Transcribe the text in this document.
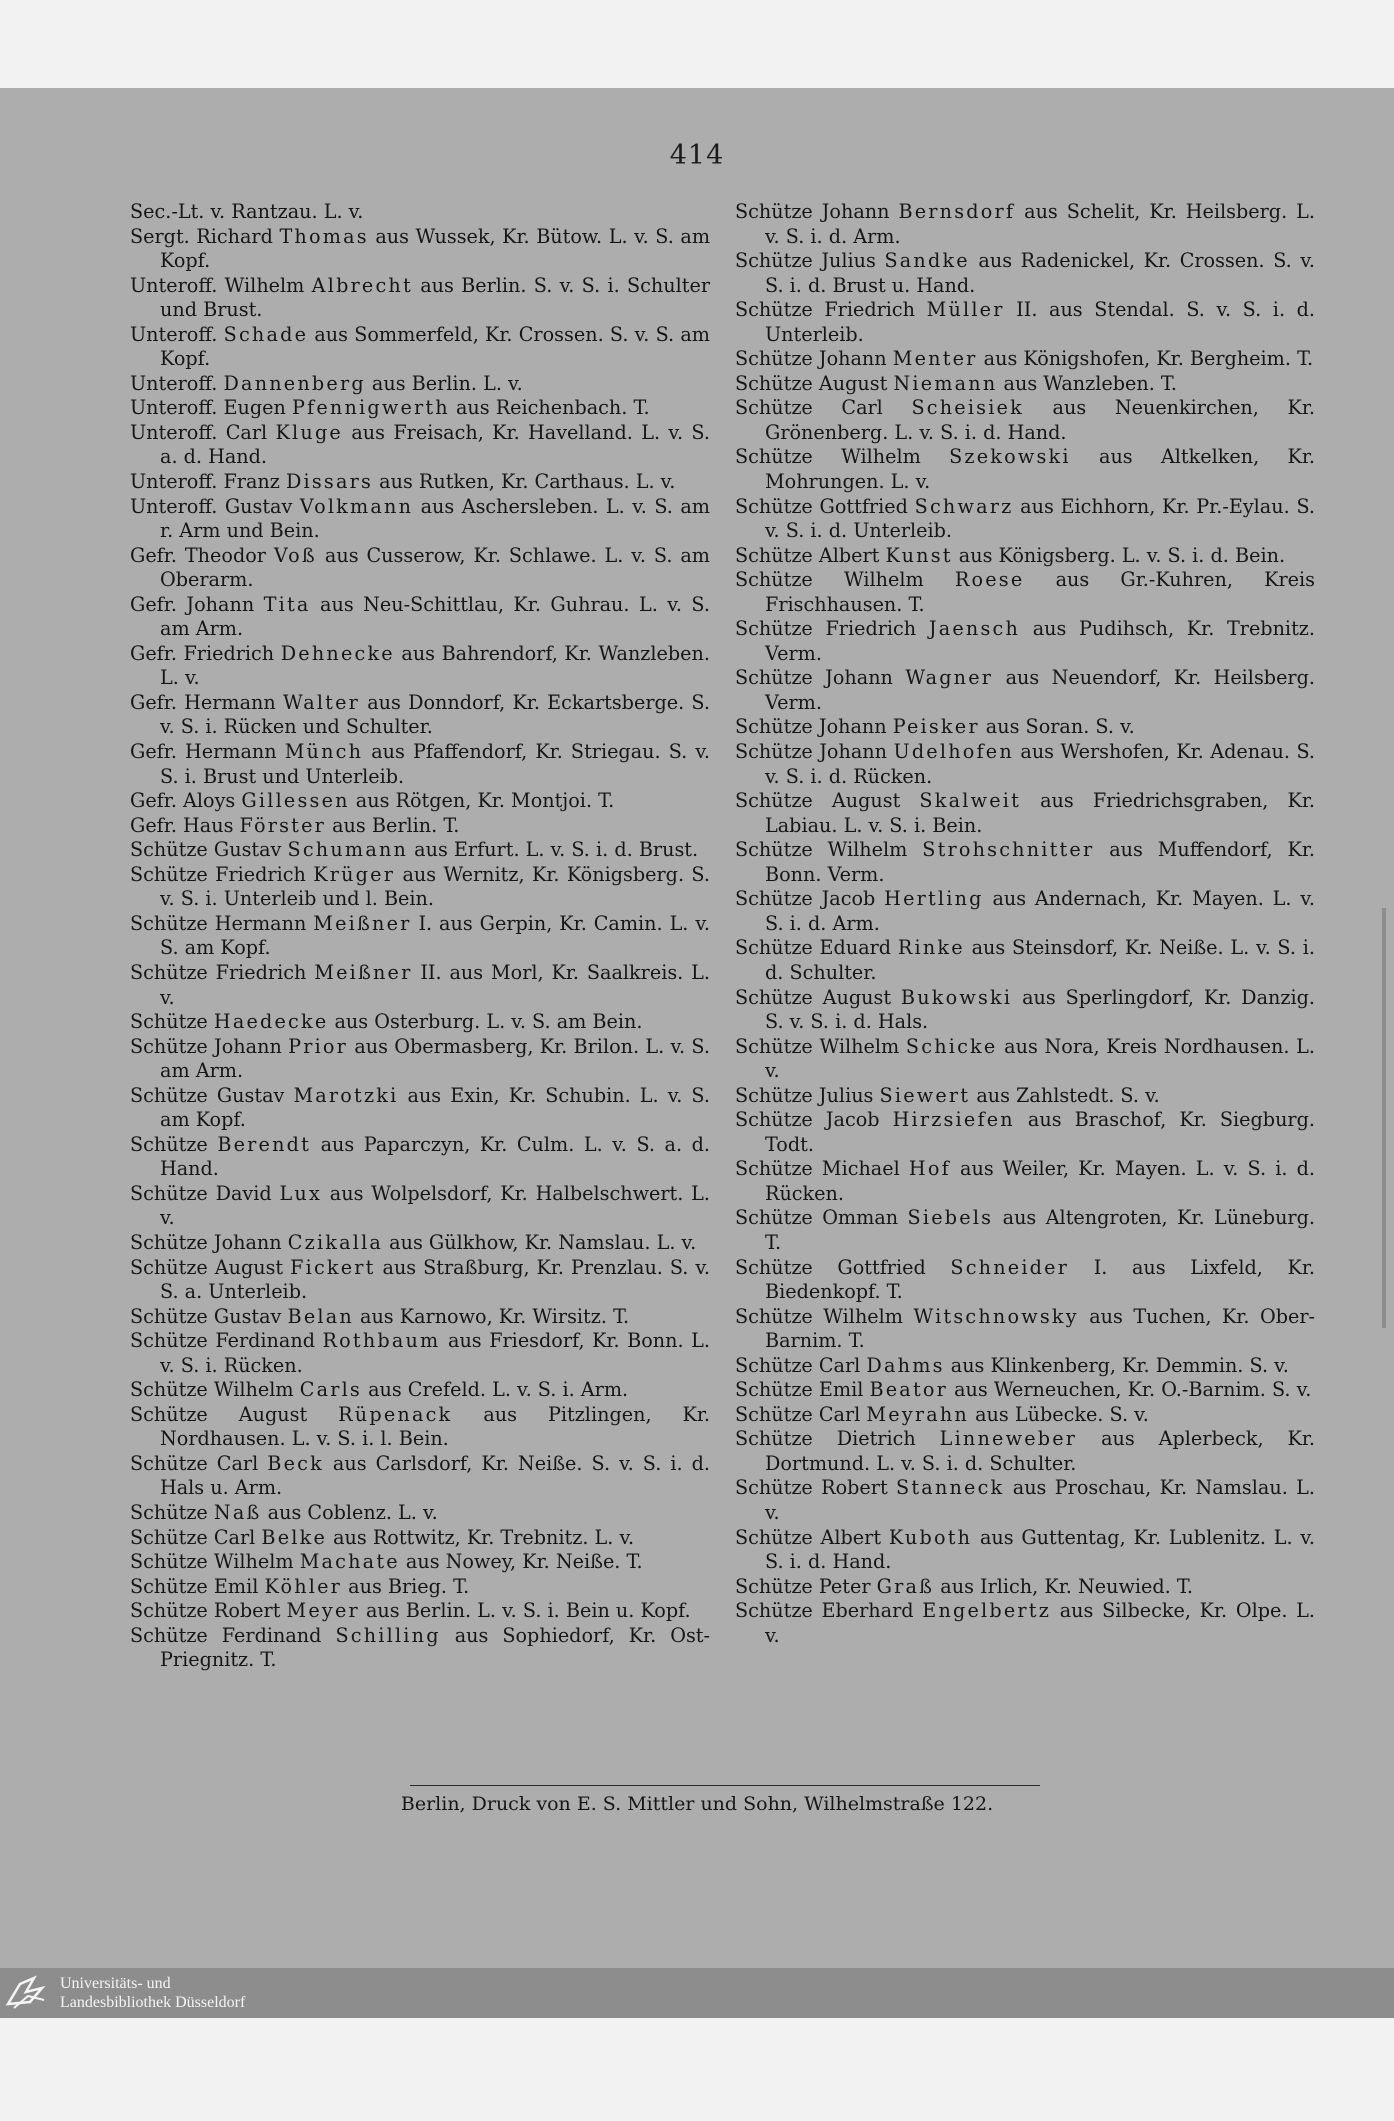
414
Sec.-Lt. v. Rantzau. L. v.
Sergt. Richard Thomas aus Wussek, Kr. Bütow. L. v. S. am Kopf.
Unteroff. Wilhelm Albrecht aus Berlin. S. v. S. i. Schulter und Brust.
Unteroff. Schade aus Sommerfeld, Kr. Crossen. S. v. S. am Kopf.
Unteroff. Dannenberg aus Berlin. L. v.
Unteroff. Eugen Pfennigwerth aus Reichenbach. T.
Unteroff. Carl Kluge aus Freisach, Kr. Havelland. L. v. S. a. d. Hand.
Unteroff. Franz Dissars aus Rutken, Kr. Carthaus. L. v.
Unteroff. Gustav Volkmann aus Aschersleben. L. v. S. am r. Arm und Bein.
Gefr. Theodor Voß aus Cusserow, Kr. Schlawe. L. v. S. am Oberarm.
Gefr. Johann Tita aus Neu-Schittlau, Kr. Guhrau. L. v. S. am Arm.
Gefr. Friedrich Dehnecke aus Bahrendorf, Kr. Wanzleben. L. v.
Gefr. Hermann Walter aus Donndorf, Kr. Eckartsberge. S. v. S. i. Rücken und Schulter.
Gefr. Hermann Münch aus Pfaffendorf, Kr. Striegau. S. v. S. i. Brust und Unterleib.
Gefr. Aloys Gillessen aus Rötgen, Kr. Montjoi. T.
Gefr. Haus Förster aus Berlin. T.
Schütze Gustav Schumann aus Erfurt. L. v. S. i. d. Brust.
Schütze Friedrich Krüger aus Wernitz, Kr. Königsberg. S. v. S. i. Unterleib und l. Bein.
Schütze Hermann Meißner I. aus Gerpin, Kr. Camin. L. v. S. am Kopf.
Schütze Friedrich Meißner II. aus Morl, Kr. Saalkreis. L. v.
Schütze Haedecke aus Osterburg. L. v. S. am Bein.
Schütze Johann Prior aus Obermasberg, Kr. Brilon. L. v. S. am Arm.
Schütze Gustav Marotzki aus Exin, Kr. Schubin. L. v. S. am Kopf.
Schütze Berendt aus Paparczyn, Kr. Culm. L. v. S. a. d. Hand.
Schütze David Lux aus Wolpelsdorf, Kr. Halbelschwert. L. v.
Schütze Johann Czikalla aus Gülkhow, Kr. Namslau. L. v.
Schütze August Fickert aus Straßburg, Kr. Prenzlau. S. v. S. a. Unterleib.
Schütze Gustav Belan aus Karnowo, Kr. Wirsitz. T.
Schütze Ferdinand Rothbaum aus Friesdorf, Kr. Bonn. L. v. S. i. Rücken.
Schütze Wilhelm Carls aus Crefeld. L. v. S. i. Arm.
Schütze August Rüpenack aus Pitzlingen, Kr. Nordhausen. L. v. S. i. l. Bein.
Schütze Carl Beck aus Carlsdorf, Kr. Neiße. S. v. S. i. d. Hals u. Arm.
Schütze Naß aus Coblenz. L. v.
Schütze Carl Belke aus Rottwitz, Kr. Trebnitz. L. v.
Schütze Wilhelm Machate aus Nowey, Kr. Neiße. T.
Schütze Emil Köhler aus Brieg. T.
Schütze Robert Meyer aus Berlin. L. v. S. i. Bein u. Kopf.
Schütze Ferdinand Schilling aus Sophiedorf, Kr. Ost-Priegnitz. T.
Schütze Johann Bernsdorf aus Schelit, Kr. Heilsberg. L. v. S. i. d. Arm.
Schütze Julius Sandke aus Radenickel, Kr. Crossen. S. v. S. i. d. Brust u. Hand.
Schütze Friedrich Müller II. aus Stendal. S. v. S. i. d. Unterleib.
Schütze Johann Menter aus Königshofen, Kr. Bergheim. T.
Schütze August Niemann aus Wanzleben. T.
Schütze Carl Scheisiek aus Neuenkirchen, Kr. Grönenberg. L. v. S. i. d. Hand.
Schütze Wilhelm Szekowski aus Altkelken, Kr. Mohrungen. L. v.
Schütze Gottfried Schwarz aus Eichhorn, Kr. Pr.-Eylau. S. v. S. i. d. Unterleib.
Schütze Albert Kunst aus Königsberg. L. v. S. i. d. Bein.
Schütze Wilhelm Roese aus Gr.-Kuhren, Kreis Frischhausen. T.
Schütze Friedrich Jaensch aus Pudihsch, Kr. Trebnitz. Verm.
Schütze Johann Wagner aus Neuendorf, Kr. Heilsberg. Verm.
Schütze Johann Peisker aus Soran. S. v.
Schütze Johann Udelhofen aus Wershofen, Kr. Adenau. S. v. S. i. d. Rücken.
Schütze August Skalweit aus Friedrichsgraben, Kr. Labiau. L. v. S. i. Bein.
Schütze Wilhelm Strohschnitter aus Muffendorf, Kr. Bonn. Verm.
Schütze Jacob Hertling aus Andernach, Kr. Mayen. L. v. S. i. d. Arm.
Schütze Eduard Rinke aus Steinsdorf, Kr. Neiße. L. v. S. i. d. Schulter.
Schütze August Bukowski aus Sperlingdorf, Kr. Danzig. S. v. S. i. d. Hals.
Schütze Wilhelm Schicke aus Nora, Kreis Nordhausen. L. v.
Schütze Julius Siewert aus Zahlstedt. S. v.
Schütze Jacob Hirzsiefen aus Braschof, Kr. Siegburg. Todt.
Schütze Michael Hof aus Weiler, Kr. Mayen. L. v. S. i. d. Rücken.
Schütze Omman Siebels aus Altengroten, Kr. Lüneburg. T.
Schütze Gottfried Schneider I. aus Lixfeld, Kr. Biedenkopf. T.
Schütze Wilhelm Witschnowsky aus Tuchen, Kr. Ober-Barnim. T.
Schütze Carl Dahms aus Klinkenberg, Kr. Demmin. S. v.
Schütze Emil Beator aus Werneuchen, Kr. O.-Barnim. S. v.
Schütze Carl Meyrahn aus Lübecke. S. v.
Schütze Dietrich Linneweber aus Aplerbeck, Kr. Dortmund. L. v. S. i. d. Schulter.
Schütze Robert Stanneck aus Proschau, Kr. Namslau. L. v.
Schütze Albert Kuboth aus Guttentag, Kr. Lublenitz. L. v. S. i. d. Hand.
Schütze Peter Graß aus Irlich, Kr. Neuwied. T.
Schütze Eberhard Engelbertz aus Silbecke, Kr. Olpe. L. v.
Berlin, Druck von E. S. Mittler und Sohn, Wilhelmstraße 122.
Universitäts- und
Landesbibliothek Düsseldorf
